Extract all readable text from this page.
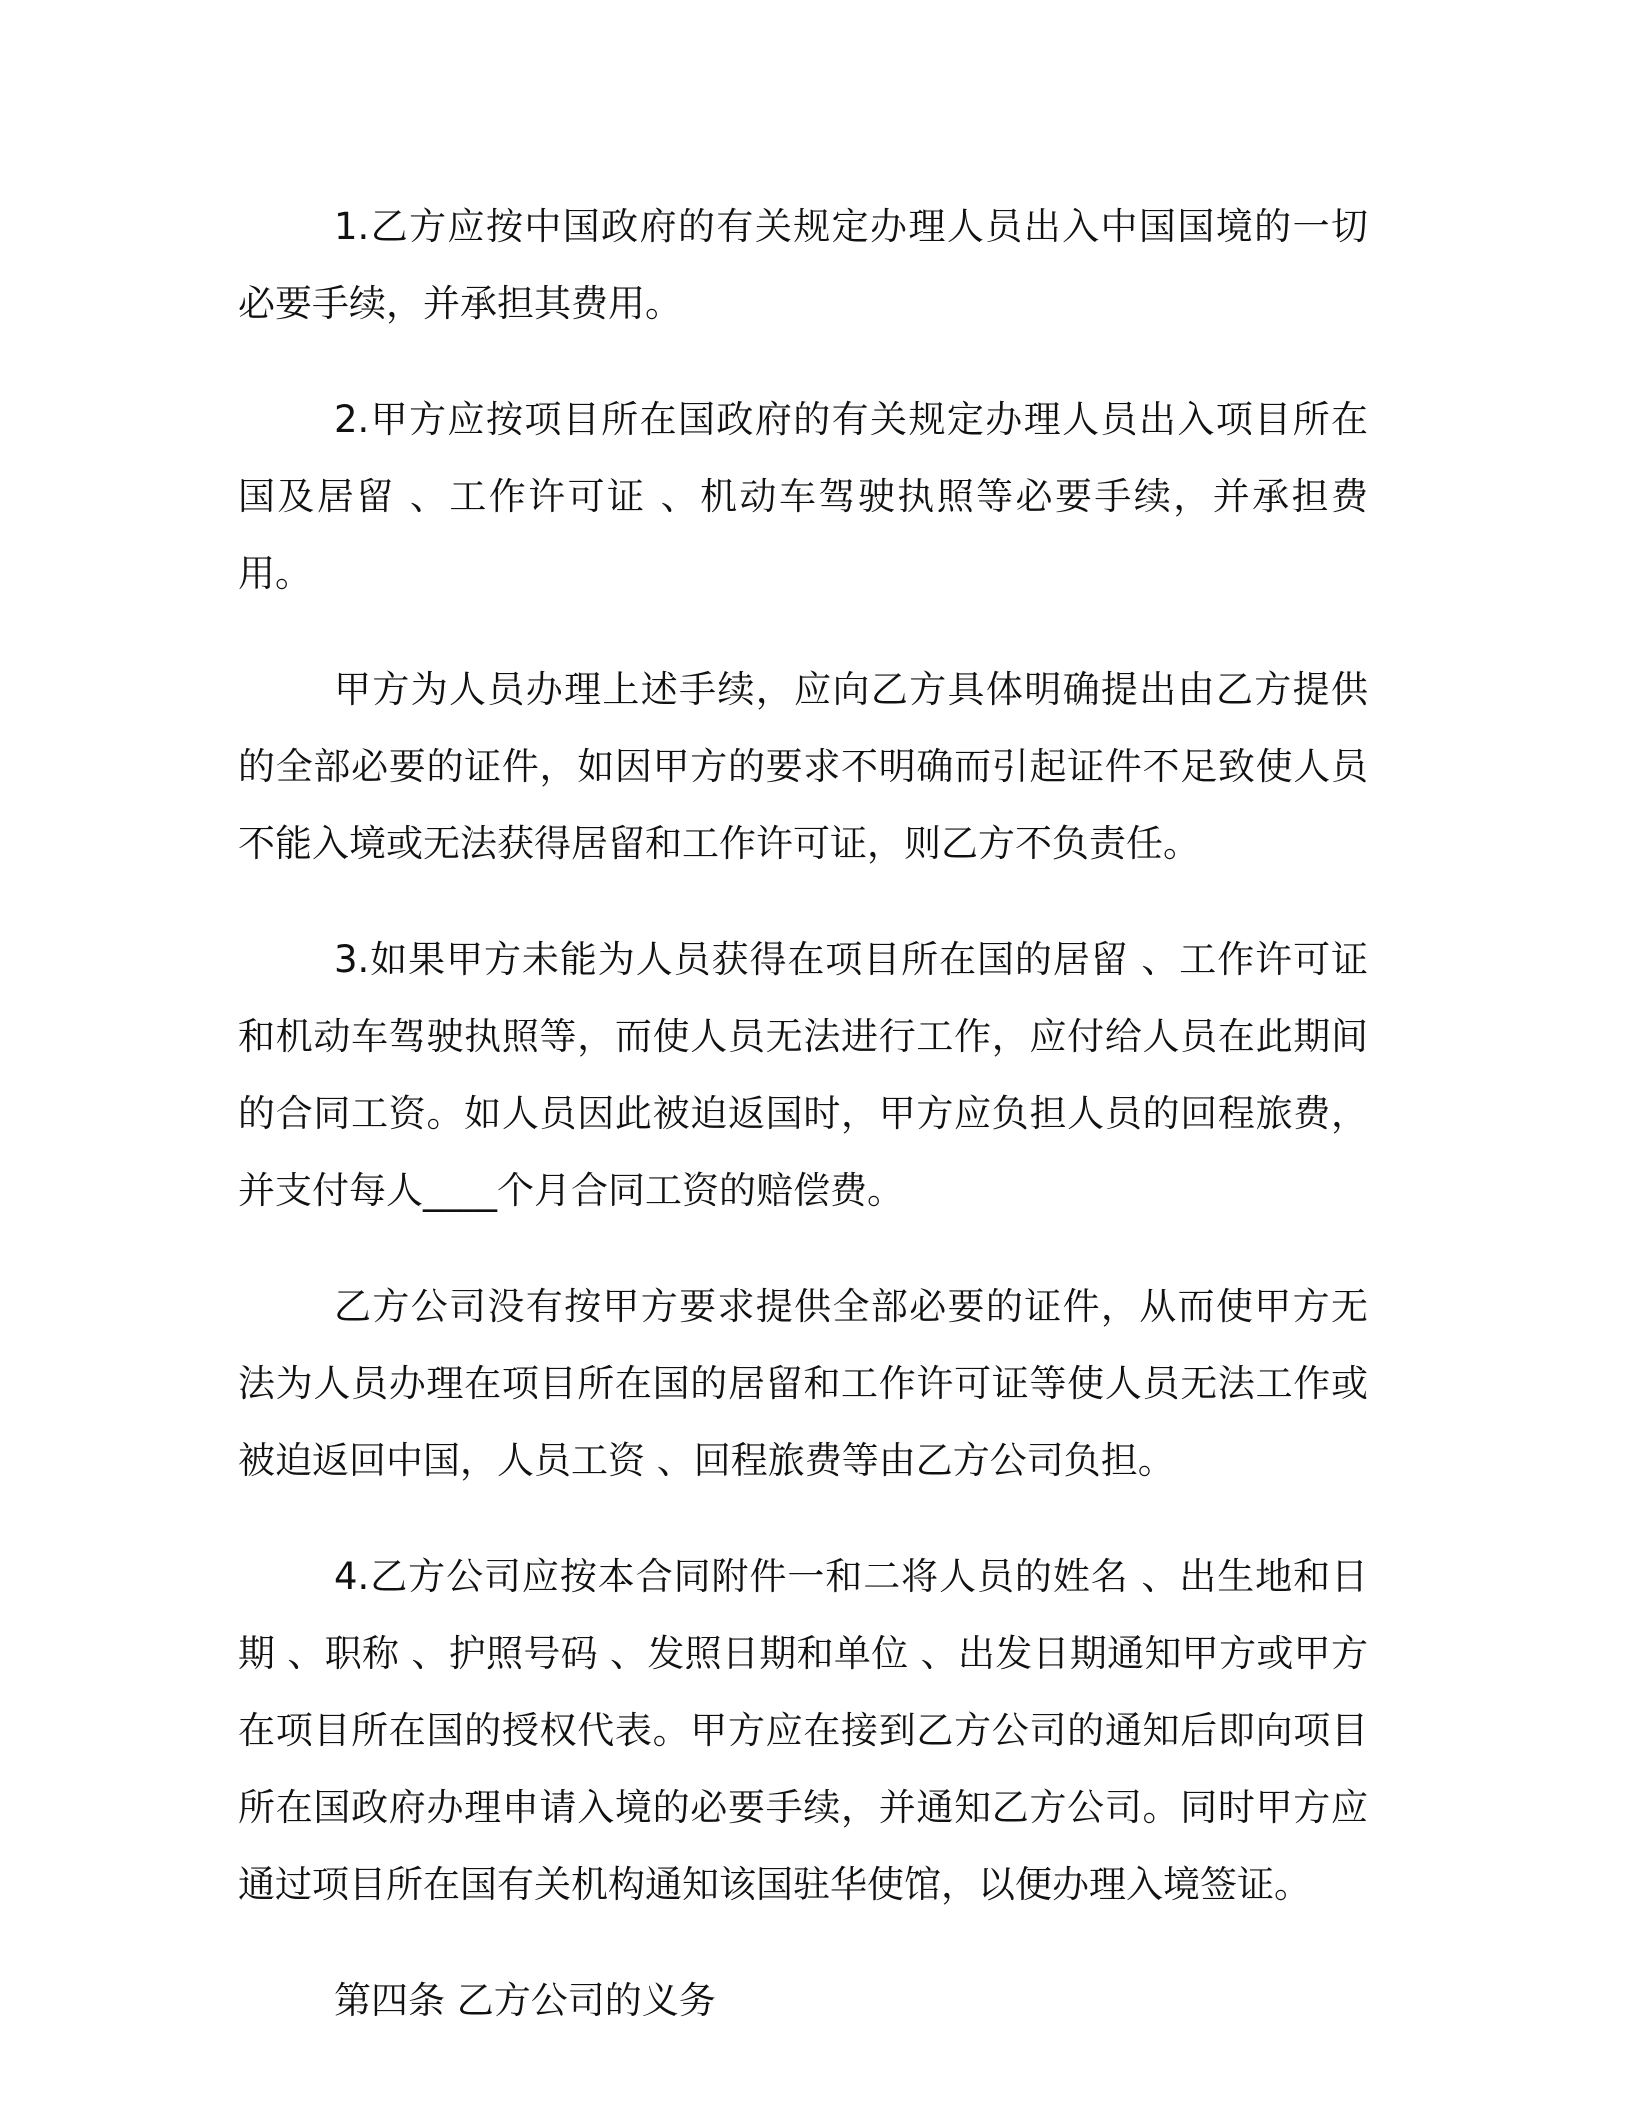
1.乙方应按中国政府的有关规定办理人员出入中国国境的一切必要手续，并承担其费用。

2.甲方应按项目所在国政府的有关规定办理人员出入项目所在国及居留 、工作许可证 、机动车驾驶执照等必要手续，并承担费用。

甲方为人员办理上述手续，应向乙方具体明确提出由乙方提供的全部必要的证件，如因甲方的要求不明确而引起证件不足致使人员不能入境或无法获得居留和工作许可证，则乙方不负责任。

3.如果甲方未能为人员获得在项目所在国的居留 、工作许可证和机动车驾驶执照等，而使人员无法进行工作，应付给人员在此期间的合同工资。如人员因此被迫返国时，甲方应负担人员的回程旅费，并支付每人____个月合同工资的赔偿费。

乙方公司没有按甲方要求提供全部必要的证件，从而使甲方无法为人员办理在项目所在国的居留和工作许可证等使人员无法工作或被迫返回中国，人员工资 、回程旅费等由乙方公司负担。

4.乙方公司应按本合同附件一和二将人员的姓名 、出生地和日期 、职称 、护照号码 、发照日期和单位 、出发日期通知甲方或甲方在项目所在国的授权代表。甲方应在接到乙方公司的通知后即向项目所在国政府办理申请入境的必要手续，并通知乙方公司。同时甲方应通过项目所在国有关机构通知该国驻华使馆，以便办理入境签证。

第四条 乙方公司的义务
